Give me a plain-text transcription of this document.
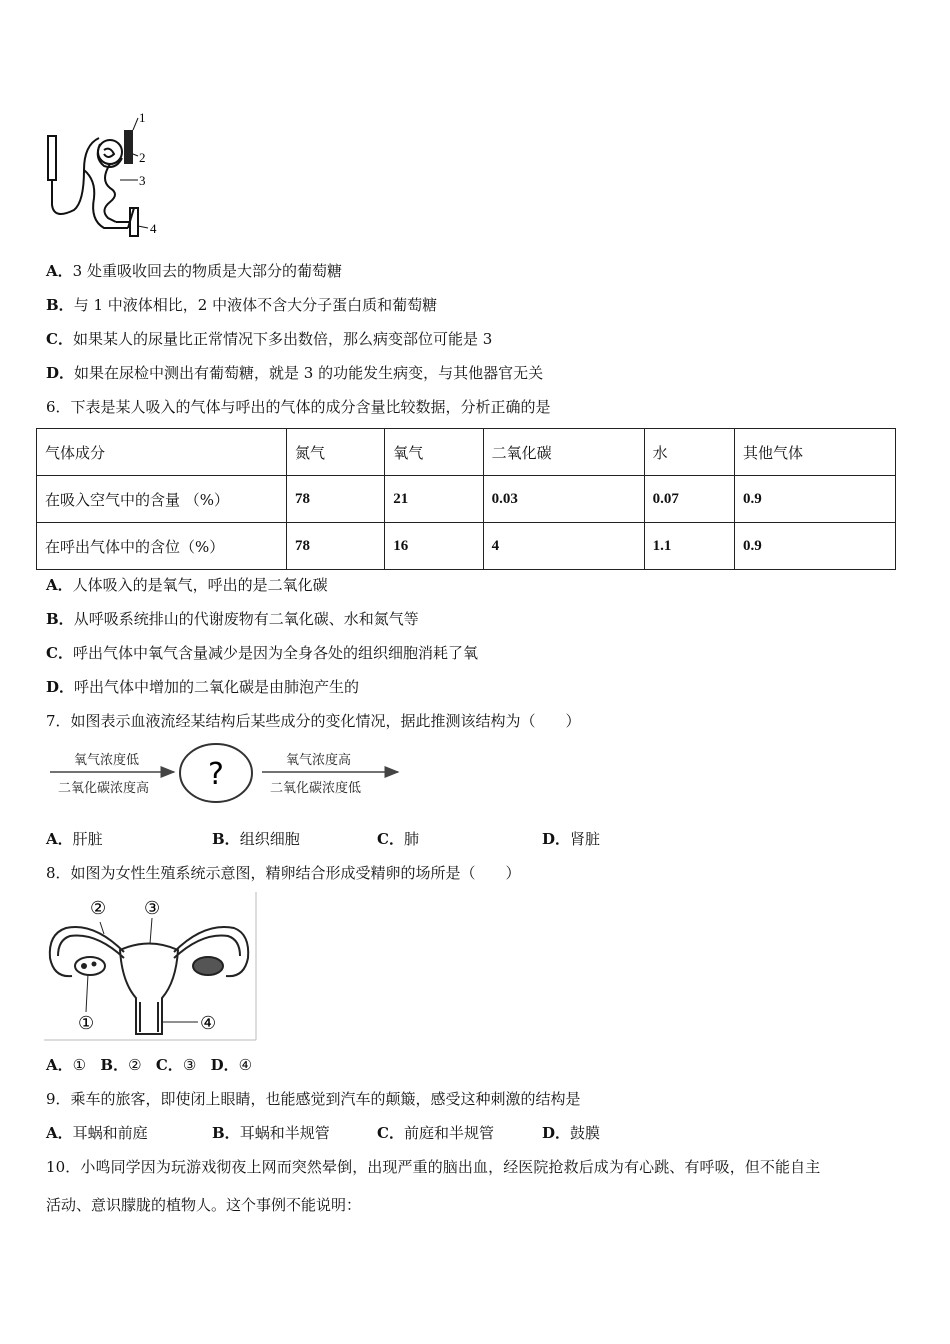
1
2
3
4
A．3 处重吸收回去的物质是大部分的葡萄糖
B．与 1 中液体相比，2 中液体不含大分子蛋白质和葡萄糖
C．如果某人的尿量比正常情况下多出数倍，那么病变部位可能是 3
D．如果在尿检中测出有葡萄糖，就是 3 的功能发生病变，与其他器官无关
6．下表是某人吸入的气体与呼出的气体的成分含量比较数据，分析正确的是
气体成分	氮气	氧气	二氧化碳	水	其他气体
在吸入空气中的含量 （%）	78	21	0.03	0.07	0.9
在呼出气体中的含位（%）	78	16	4	1.1	0.9
A．人体吸入的是氧气，呼出的是二氧化碳
B．从呼吸系统排山的代谢废物有二氧化碳、水和氮气等
C．呼出气体中氧气含量减少是因为全身各处的组织细胞消耗了氧
D．呼出气体中增加的二氧化碳是由肺泡产生的
7．如图表示血液流经某结构后某些成分的变化情况，据此推测该结构为（　　）
氧气浓度低
二氧化碳浓度高 ?	氧气浓度高
二氧化碳浓度低
A．肝脏	B．组织细胞	C．肺	D．肾脏
8．如图为女性生殖系统示意图，精卵结合形成受精卵的场所是（　　）
①
② ③
④
A．① B．② C．③ D．④
9．乘车的旅客，即使闭上眼睛，也能感觉到汽车的颠簸，感受这种刺激的结构是
A．耳蜗和前庭	B．耳蜗和半规管	C．前庭和半规管	D．鼓膜
10．小鸣同学因为玩游戏彻夜上网而突然晕倒，出现严重的脑出血，经医院抢救后成为有心跳、有呼吸，但不能自主
活动、意识朦胧的植物人。这个事例不能说明：
